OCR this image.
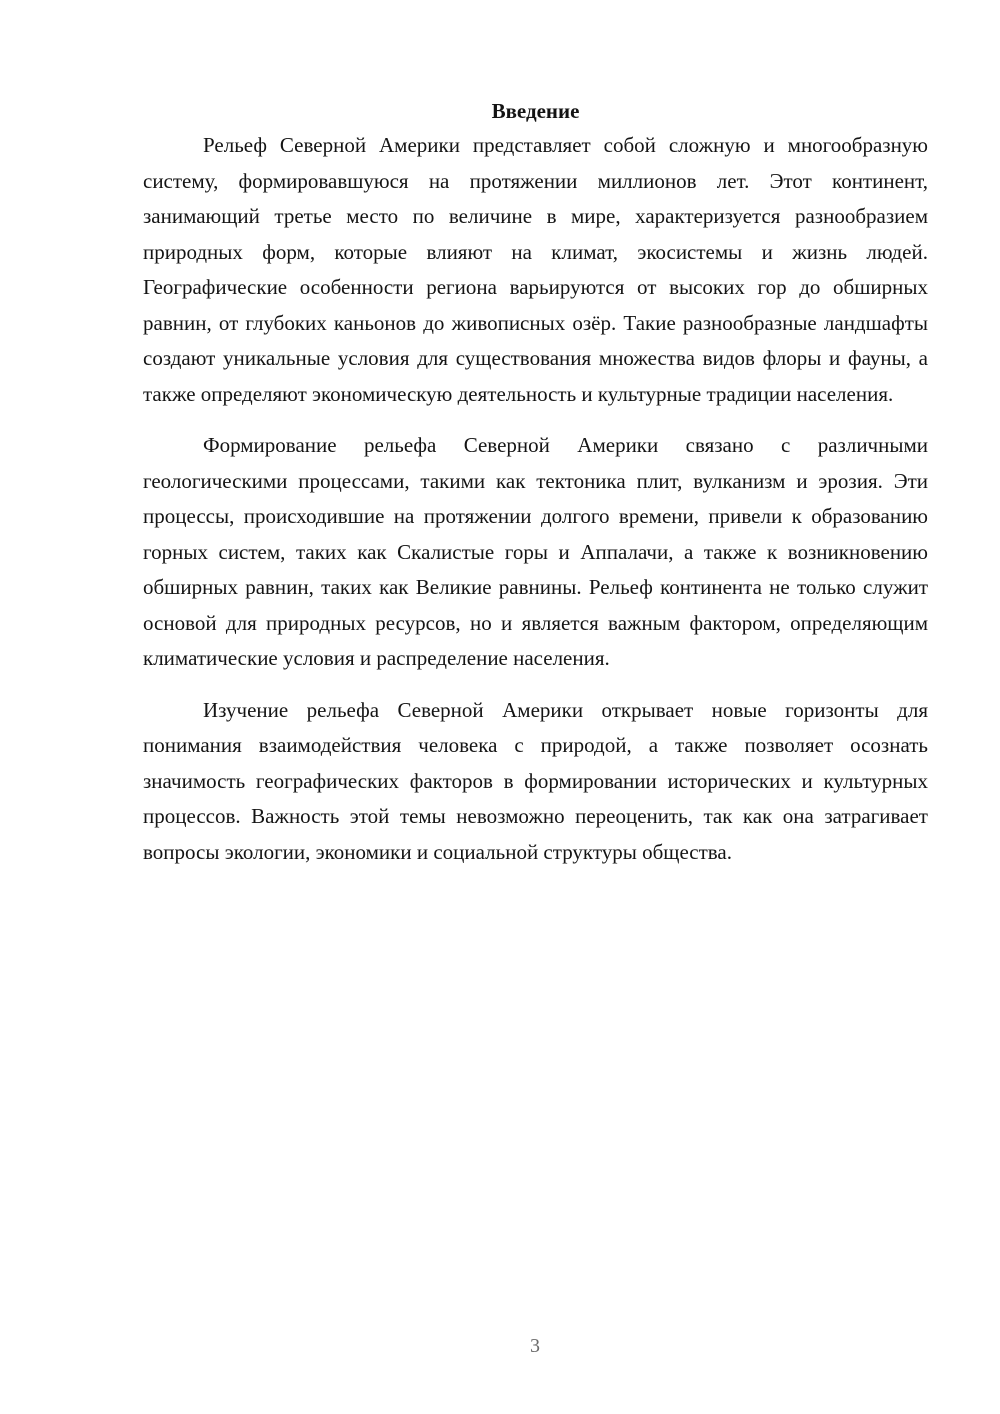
Введение

Рельеф Северной Америки представляет собой сложную и многообразную систему, формировавшуюся на протяжении миллионов лет. Этот континент, занимающий третье место по величине в мире, характеризуется разнообразием природных форм, которые влияют на климат, экосистемы и жизнь людей. Географические особенности региона варьируются от высоких гор до обширных равнин, от глубоких каньонов до живописных озёр. Такие разнообразные ландшафты создают уникальные условия для существования множества видов флоры и фауны, а также определяют экономическую деятельность и культурные традиции населения.

Формирование рельефа Северной Америки связано с различными геологическими процессами, такими как тектоника плит, вулканизм и эрозия. Эти процессы, происходившие на протяжении долгого времени, привели к образованию горных систем, таких как Скалистые горы и Аппалачи, а также к возникновению обширных равнин, таких как Великие равнины. Рельеф континента не только служит основой для природных ресурсов, но и является важным фактором, определяющим климатические условия и распределение населения.

Изучение рельефа Северной Америки открывает новые горизонты для понимания взаимодействия человека с природой, а также позволяет осознать значимость географических факторов в формировании исторических и культурных процессов. Важность этой темы невозможно переоценить, так как она затрагивает вопросы экологии, экономики и социальной структуры общества.

3
